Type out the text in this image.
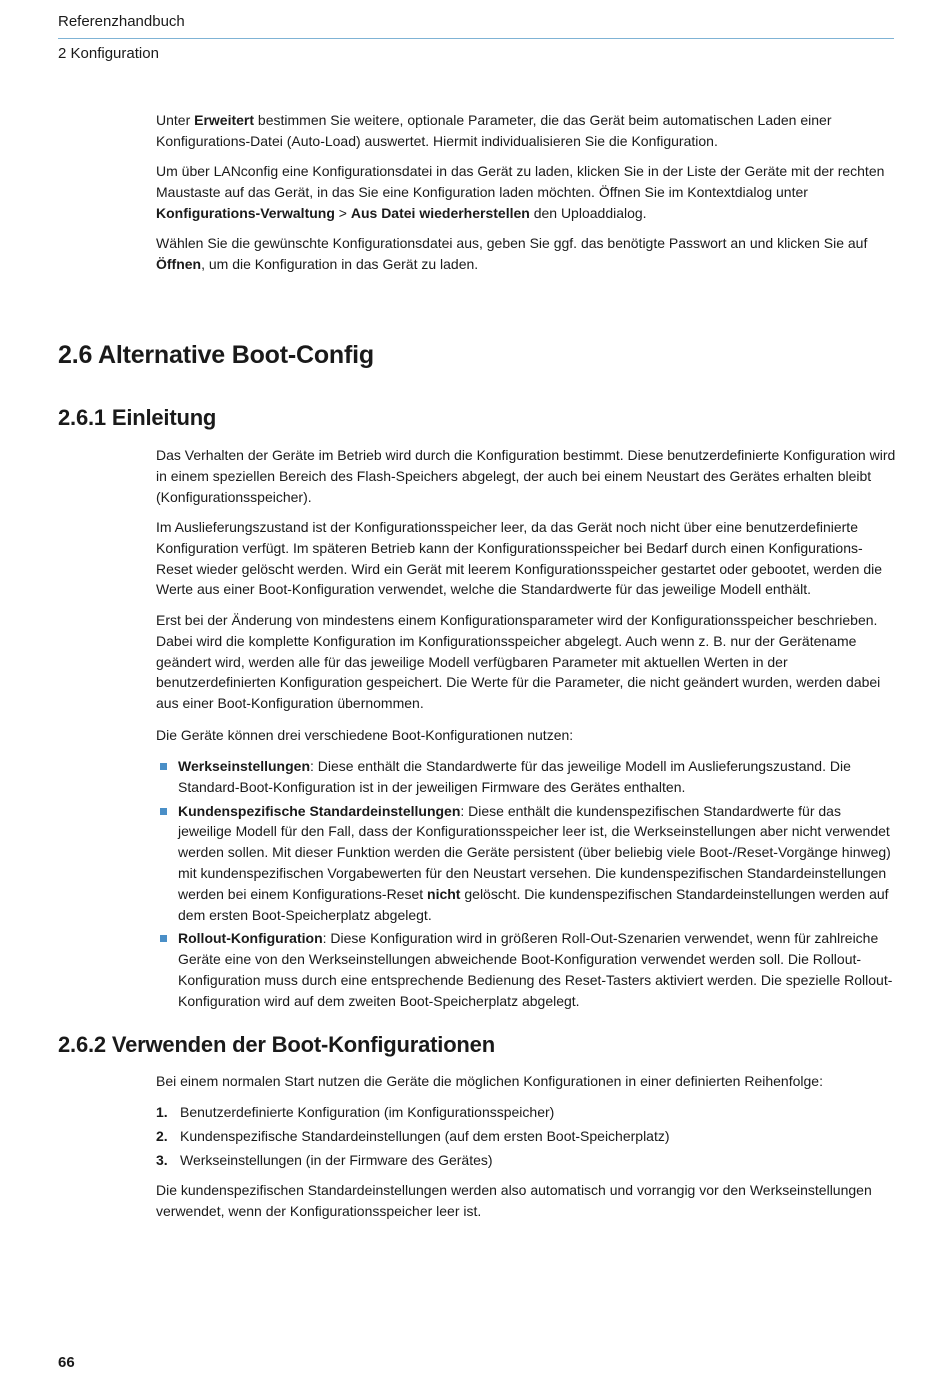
Referenzhandbuch
2 Konfiguration

Unter Erweitert bestimmen Sie weitere, optionale Parameter, die das Gerät beim automatischen Laden einer Konfigurations-Datei (Auto-Load) auswertet. Hiermit individualisieren Sie die Konfiguration.

Um über LANconfig eine Konfigurationsdatei in das Gerät zu laden, klicken Sie in der Liste der Geräte mit der rechten Maustaste auf das Gerät, in das Sie eine Konfiguration laden möchten. Öffnen Sie im Kontextdialog unter Konfigurations-Verwaltung > Aus Datei wiederherstellen den Uploaddialog.

Wählen Sie die gewünschte Konfigurationsdatei aus, geben Sie ggf. das benötigte Passwort an und klicken Sie auf Öffnen, um die Konfiguration in das Gerät zu laden.

2.6 Alternative Boot-Config
2.6.1 Einleitung

Das Verhalten der Geräte im Betrieb wird durch die Konfiguration bestimmt. Diese benutzerdefinierte Konfiguration wird in einem speziellen Bereich des Flash-Speichers abgelegt, der auch bei einem Neustart des Gerätes erhalten bleibt (Konfigurationsspeicher).

Im Auslieferungszustand ist der Konfigurationsspeicher leer, da das Gerät noch nicht über eine benutzerdefinierte Konfiguration verfügt. Im späteren Betrieb kann der Konfigurationsspeicher bei Bedarf durch einen Konfigurations-Reset wieder gelöscht werden. Wird ein Gerät mit leerem Konfigurationsspeicher gestartet oder gebootet, werden die Werte aus einer Boot-Konfiguration verwendet, welche die Standardwerte für das jeweilige Modell enthält.

Erst bei der Änderung von mindestens einem Konfigurationsparameter wird der Konfigurationsspeicher beschrieben. Dabei wird die komplette Konfiguration im Konfigurationsspeicher abgelegt. Auch wenn z. B. nur der Gerätename geändert wird, werden alle für das jeweilige Modell verfügbaren Parameter mit aktuellen Werten in der benutzerdefinierten Konfiguration gespeichert. Die Werte für die Parameter, die nicht geändert wurden, werden dabei aus einer Boot-Konfiguration übernommen.

Die Geräte können drei verschiedene Boot-Konfigurationen nutzen:

Werkseinstellungen: Diese enthält die Standardwerte für das jeweilige Modell im Auslieferungszustand. Die Standard-Boot-Konfiguration ist in der jeweiligen Firmware des Gerätes enthalten.
Kundenspezifische Standardeinstellungen: Diese enthält die kundenspezifischen Standardwerte für das jeweilige Modell für den Fall, dass der Konfigurationsspeicher leer ist, die Werkseinstellungen aber nicht verwendet werden sollen. Mit dieser Funktion werden die Geräte persistent (über beliebig viele Boot-/Reset-Vorgänge hinweg) mit kundenspezifischen Vorgabewerten für den Neustart versehen. Die kundenspezifischen Standardeinstellungen werden bei einem Konfigurations-Reset nicht gelöscht. Die kundenspezifischen Standardeinstellungen werden auf dem ersten Boot-Speicherplatz abgelegt.
Rollout-Konfiguration: Diese Konfiguration wird in größeren Roll-Out-Szenarien verwendet, wenn für zahlreiche Geräte eine von den Werkseinstellungen abweichende Boot-Konfiguration verwendet werden soll. Die Rollout-Konfiguration muss durch eine entsprechende Bedienung des Reset-Tasters aktiviert werden. Die spezielle Rollout-Konfiguration wird auf dem zweiten Boot-Speicherplatz abgelegt.
2.6.2 Verwenden der Boot-Konfigurationen

Bei einem normalen Start nutzen die Geräte die möglichen Konfigurationen in einer definierten Reihenfolge:

1. Benutzerdefinierte Konfiguration (im Konfigurationsspeicher)
2. Kundenspezifische Standardeinstellungen (auf dem ersten Boot-Speicherplatz)
3. Werkseinstellungen (in der Firmware des Gerätes)

Die kundenspezifischen Standardeinstellungen werden also automatisch und vorrangig vor den Werkseinstellungen verwendet, wenn der Konfigurationsspeicher leer ist.

66
